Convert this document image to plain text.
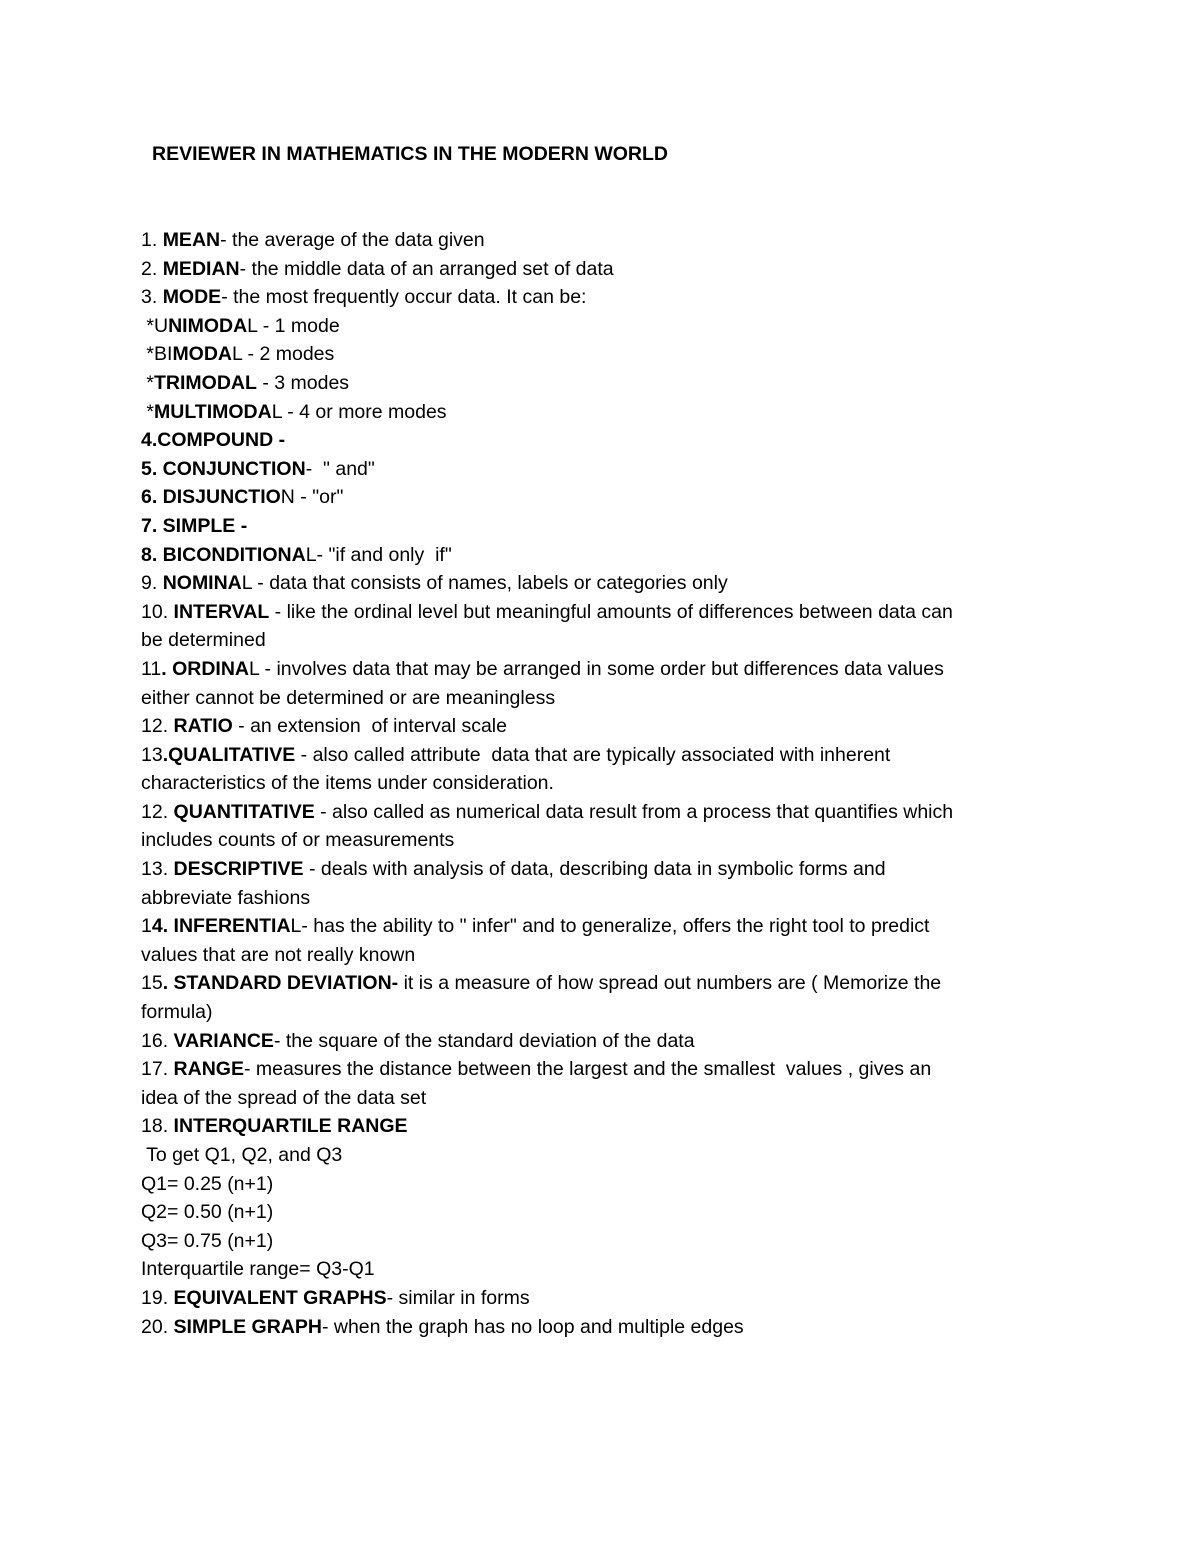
REVIEWER IN MATHEMATICS IN THE MODERN WORLD
1. MEAN- the average of the data given
2. MEDIAN- the middle data of an arranged set of data
3. MODE- the most frequently occur data. It can be:
*UNIMODAL - 1 mode
*BIMODAL - 2 modes
*TRIMODAL - 3 modes
*MULTIMODAL - 4 or more modes
4.COMPOUND -
5. CONJUNCTION-  " and"
6. DISJUNCTION - "or"
7. SIMPLE -
8. BICONDITIONAL- "if and only  if"
9. NOMINAL - data that consists of names, labels or categories only
10. INTERVAL - like the ordinal level but meaningful amounts of differences between data can
be determined
11. ORDINAL - involves data that may be arranged in some order but differences data values
either cannot be determined or are meaningless
12. RATIO - an extension  of interval scale
13.QUALITATIVE - also called attribute  data that are typically associated with inherent
characteristics of the items under consideration.
12. QUANTITATIVE - also called as numerical data result from a process that quantifies which
includes counts of or measurements
13. DESCRIPTIVE - deals with analysis of data, describing data in symbolic forms and
abbreviate fashions
14. INFERENTIAL- has the ability to " infer" and to generalize, offers the right tool to predict
values that are not really known
15. STANDARD DEVIATION- it is a measure of how spread out numbers are ( Memorize the
formula)
16. VARIANCE- the square of the standard deviation of the data
17. RANGE- measures the distance between the largest and the smallest  values , gives an
idea of the spread of the data set
18. INTERQUARTILE RANGE
To get Q1, Q2, and Q3
Q1= 0.25 (n+1)
Q2= 0.50 (n+1)
Q3= 0.75 (n+1)
Interquartile range= Q3-Q1
19. EQUIVALENT GRAPHS- similar in forms
20. SIMPLE GRAPH- when the graph has no loop and multiple edges
